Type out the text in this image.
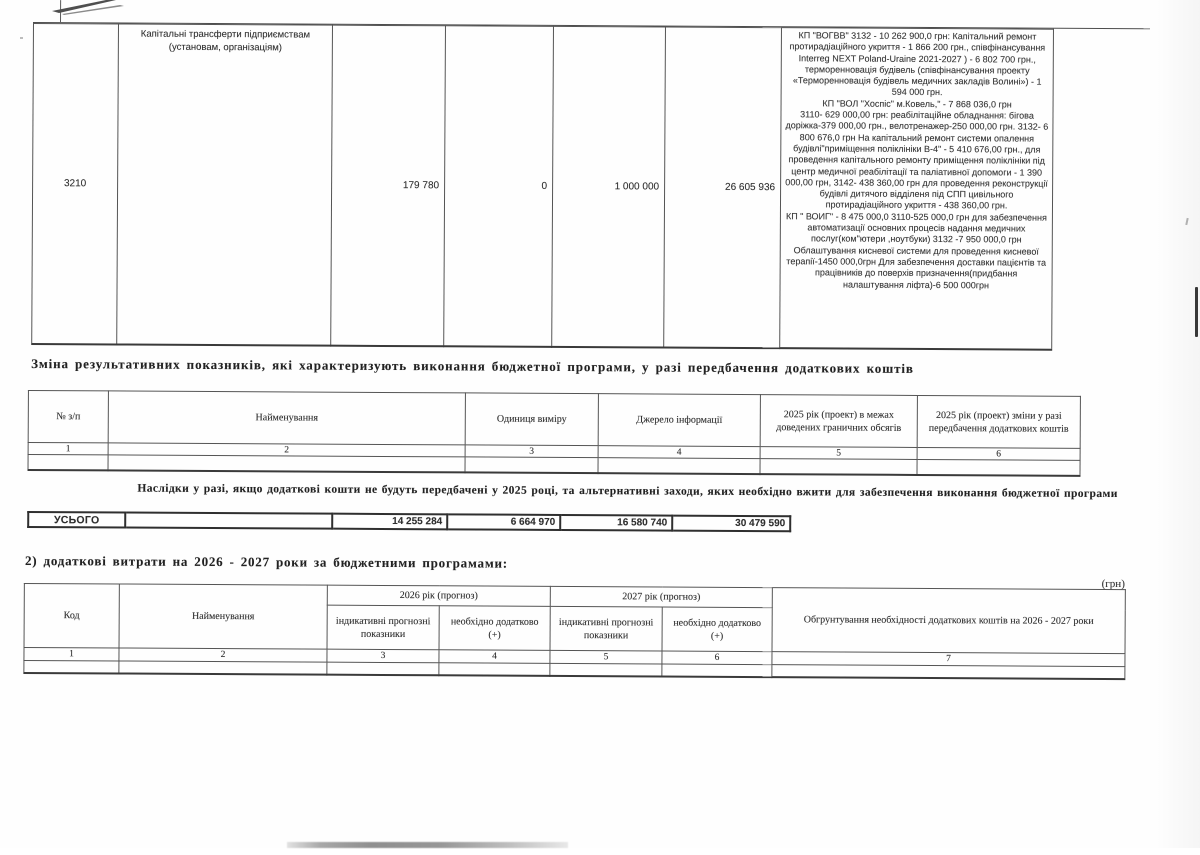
3210	Капітальні трансферти підприємствам (установам, організаціям)	179 780	0	1 000 000	26 605 936	

КП "ВОГВВ" 3132 - 10 262 900,0 грн: Капітальний ремонт протирадіаційного укриття - 1 866 200 грн., співфінансування Interreg NEXT Poland-Uraine 2021-2027 ) - 6 802 700 грн., терморенновація будівель (співфінансування проекту «Терморенновація будівель медичних закладів Волині») - 1 594 000 грн.

КП "ВОЛ "Хоспіс" м.Ковель," - 7 868 036,0 грн

3110- 629 000,00 грн: реабілітаційне обладнання: бігова доріжка-379 000,00 грн., велотренажер-250 000,00 грн. 3132- 6 800 676,0 грн На капітальний ремонт системи опалення будівлі"приміщення поліклініки В-4" - 5 410 676,00 грн., для проведення капітального ремонту приміщення поліклініки під центр медичної реабілітації та паліативної допомоги - 1 390 000,00 грн, 3142- 438 360,00 грн для проведення реконструкції будівлі дитячого відділеня під СПП цивільного протирадіаційного укриття - 438 360,00 грн.

КП " ВОИГ" - 8 475 000,0 3110-525 000,0 грн для забезпечення автоматизації основних процесів надання медичних послуг(ком"ютери ,ноутбуки) 3132 -7 950 000,0 грн Облаштування кисневої системи для проведення кисневої терапії-1450 000,0грн Для забезпечення доставки пацієнтів та працівників до поверхів призначення(придбання налаштування ліфта)-6 500 000грн

Зміна результативних показників, які характеризують виконання бюджетної програми, у разі передбачення додаткових коштів
№ з/п	Найменування	Одиниця виміру	Джерело інформації	2025 рік (проект) в межах доведених граничних обсягів	2025 рік (проект) зміни у разі передбачення додаткових коштів
1	2	3	4	5	6

Наслідки у разі, якщо додаткові кошти не будуть передбачені у 2025 році, та альтернативні заходи, яких необхідно вжити для забезпечення виконання бюджетної програми
УСЬОГО		14 255 284	6 664 970	16 580 740	30 479 590
2) додаткові витрати на 2026 - 2027 роки за бюджетними програмами:
(грн)
Код	Найменування	2026 рік (прогноз)		2027 рік (прогноз)		Обгрунтування необхідності додаткових коштів на 2026 - 2027 роки
		індикативні прогнозні показники	необхідно додатково (+)	індикативні прогнозні показники	необхідно додатково (+)	
1	2	3	4	5	6	7
